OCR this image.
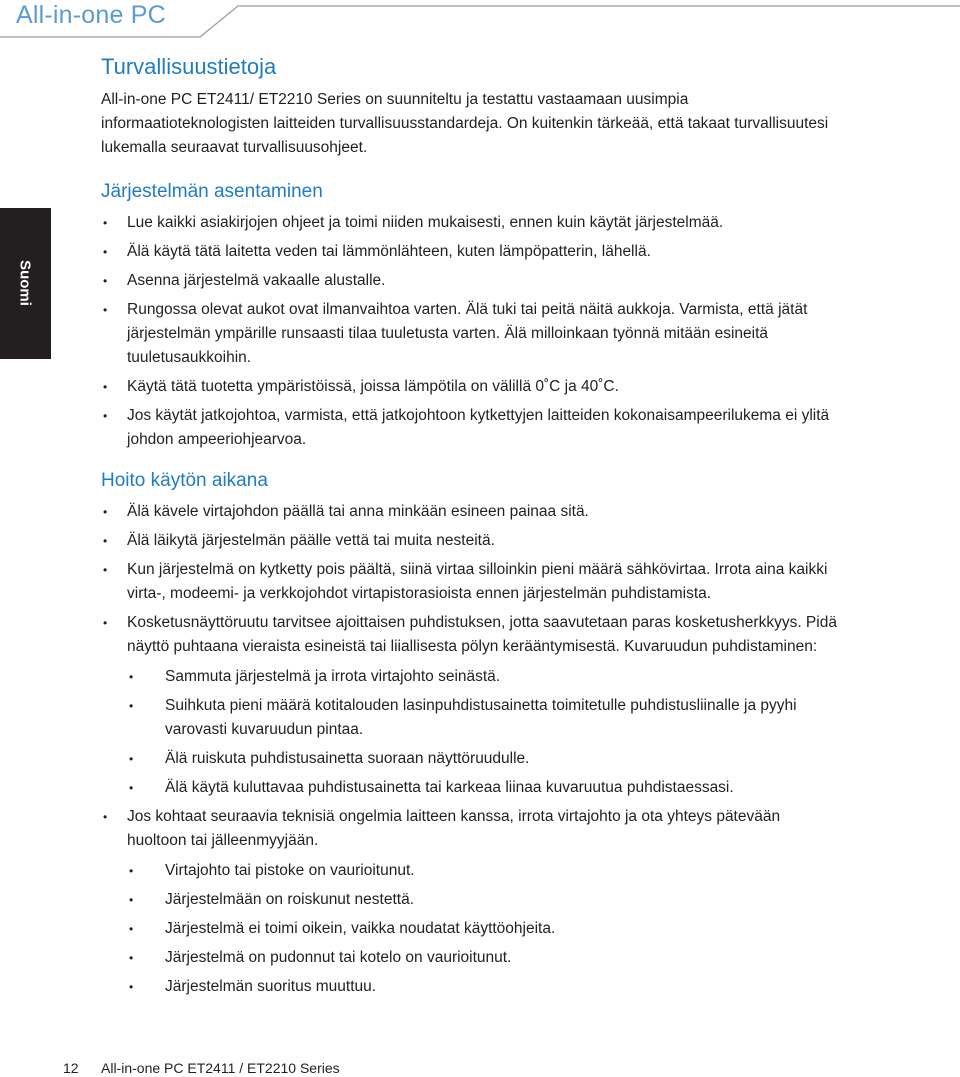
All-in-one PC
Suomi
Turvallisuustietoja

All-in-one PC ET2411/ ET2210 Series on suunniteltu ja testattu vastaamaan uusimpia informaatioteknologisten laitteiden turvallisuusstandardeja. On kuitenkin tärkeää, että takaat turvallisuutesi lukemalla seuraavat turvallisuusohjeet.

Järjestelmän asentaminen
• Lue kaikki asiakirjojen ohjeet ja toimi niiden mukaisesti, ennen kuin käytät järjestelmää.
• Älä käytä tätä laitetta veden tai lämmönlähteen, kuten lämpöpatterin, lähellä.
• Asenna järjestelmä vakaalle alustalle.
• Rungossa olevat aukot ovat ilmanvaihtoa varten. Älä tuki tai peitä näitä aukkoja. Varmista, että jätät järjestelmän ympärille runsaasti tilaa tuuletusta varten. Älä milloinkaan työnnä mitään esineitä tuuletusaukkoihin.
• Käytä tätä tuotetta ympäristöissä, joissa lämpötila on välillä 0˚C ja 40˚C.
• Jos käytät jatkojohtoa, varmista, että jatkojohtoon kytkettyjen laitteiden kokonaisampeerilukema ei ylitä johdon ampeeriohjearvoa.
Hoito käytön aikana
• Älä kävele virtajohdon päällä tai anna minkään esineen painaa sitä.
• Älä läikytä järjestelmän päälle vettä tai muita nesteitä.
• Kun järjestelmä on kytketty pois päältä, siinä virtaa silloinkin pieni määrä sähkövirtaa. Irrota aina kaikki virta-, modeemi- ja verkkojohdot virtapistorasioista ennen järjestelmän puhdistamista.
• Kosketusnäyttöruutu tarvitsee ajoittaisen puhdistuksen, jotta saavutetaan paras kosketusherkkyys. Pidä näyttö puhtaana vieraista esineistä tai liiallisesta pölyn kerääntymisestä. Kuvaruudun puhdistaminen:
• Sammuta järjestelmä ja irrota virtajohto seinästä.
• Suihkuta pieni määrä kotitalouden lasinpuhdistusainetta toimitetulle puhdistusliinalle ja pyyhi varovasti kuvaruudun pintaa.
• Älä ruiskuta puhdistusainetta suoraan näyttöruudulle.
• Älä käytä kuluttavaa puhdistusainetta tai karkeaa liinaa kuvaruutua puhdistaessasi.
• Jos kohtaat seuraavia teknisiä ongelmia laitteen kanssa, irrota virtajohto ja ota yhteys pätevään huoltoon tai jälleenmyyjään.
• Virtajohto tai pistoke on vaurioitunut.
• Järjestelmään on roiskunut nestettä.
• Järjestelmä ei toimi oikein, vaikka noudatat käyttöohjeita.
• Järjestelmä on pudonnut tai kotelo on vaurioitunut.
• Järjestelmän suoritus muuttuu.
12 All-in-one PC ET2411 / ET2210 Series
